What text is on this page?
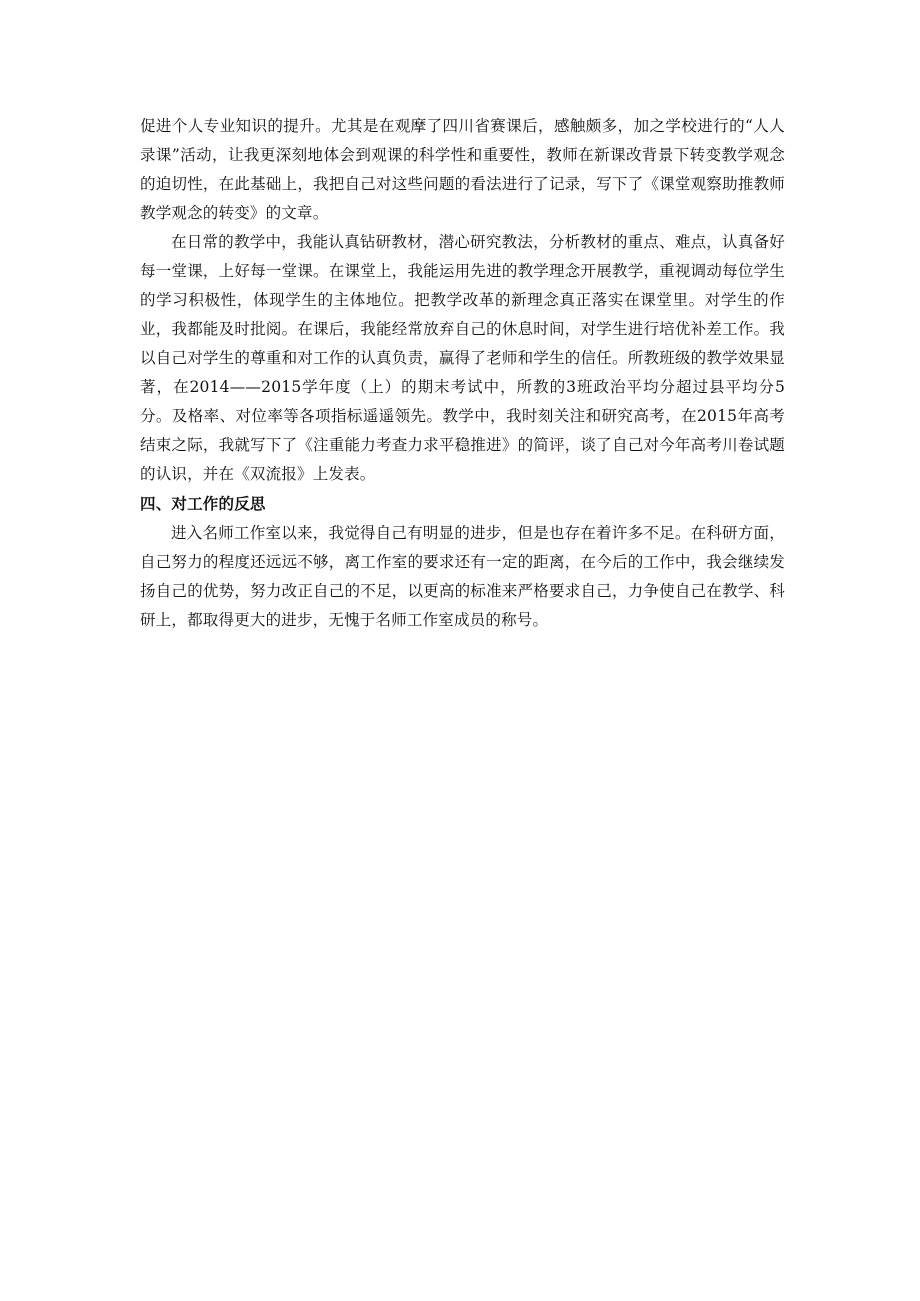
促进个人专业知识的提升。尤其是在观摩了四川省赛课后，感触颇多，加之学校进行的“人人录课”活动，让我更深刻地体会到观课的科学性和重要性，教师在新课改背景下转变教学观念的迫切性，在此基础上，我把自己对这些问题的看法进行了记录，写下了《课堂观察助推教师教学观念的转变》的文章。

在日常的教学中，我能认真钻研教材，潜心研究教法，分析教材的重点、难点，认真备好每一堂课，上好每一堂课。在课堂上，我能运用先进的教学理念开展教学，重视调动每位学生的学习积极性，体现学生的主体地位。把教学改革的新理念真正落实在课堂里。对学生的作业，我都能及时批阅。在课后，我能经常放弃自己的休息时间，对学生进行培优补差工作。我以自己对学生的尊重和对工作的认真负责，赢得了老师和学生的信任。所教班级的教学效果显著，在2014——2015学年度（上）的期末考试中，所教的3班政治平均分超过县平均分5分。及格率、对位率等各项指标遥遥领先。教学中，我时刻关注和研究高考，在2015年高考结束之际，我就写下了《注重能力考查力求平稳推进》的简评，谈了自己对今年高考川卷试题的认识，并在《双流报》上发表。

四、对工作的反思

进入名师工作室以来，我觉得自己有明显的进步，但是也存在着许多不足。在科研方面，自己努力的程度还远远不够，离工作室的要求还有一定的距离，在今后的工作中，我会继续发扬自己的优势，努力改正自己的不足，以更高的标准来严格要求自己，力争使自己在教学、科研上，都取得更大的进步，无愧于名师工作室成员的称号。
